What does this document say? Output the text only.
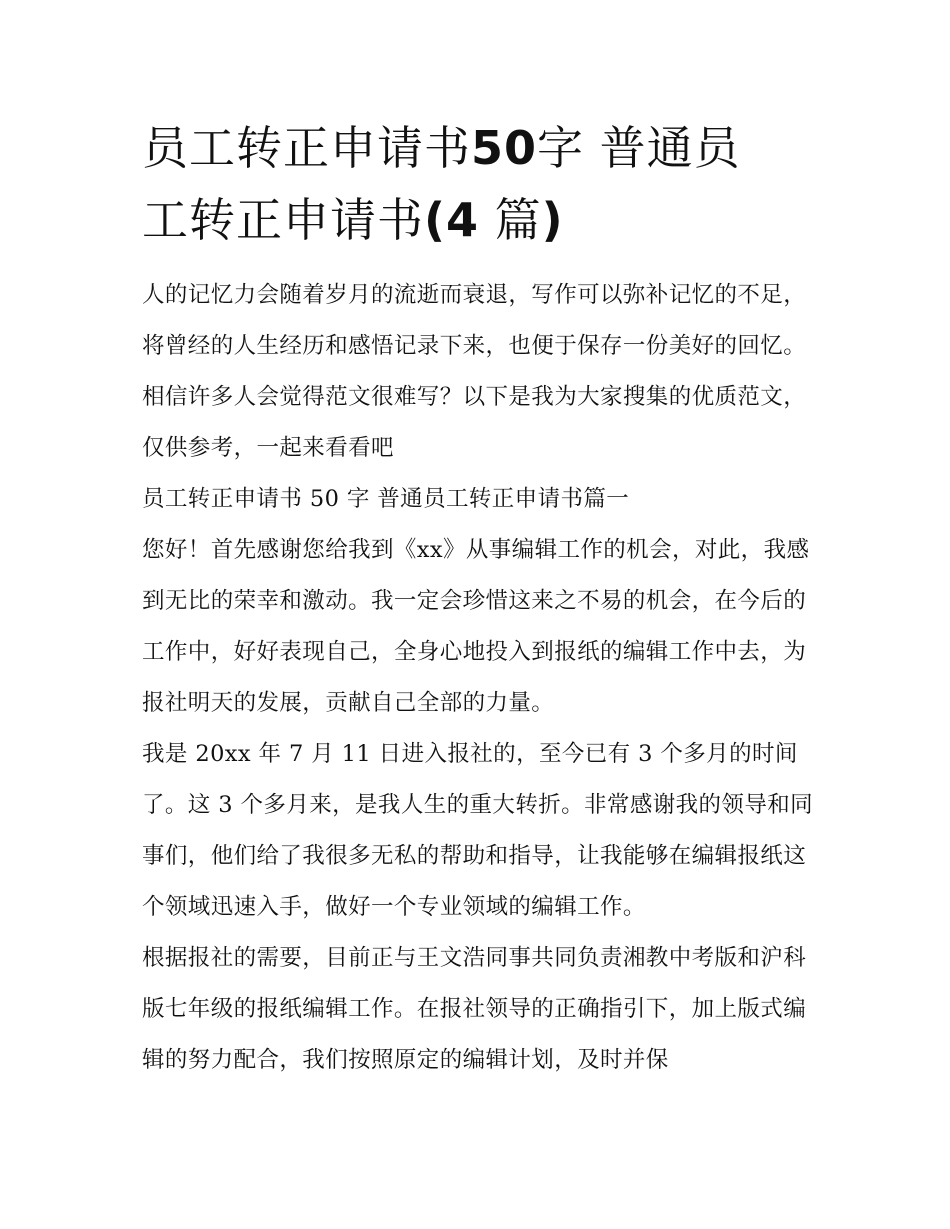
员工转正申请书50字 普通员
工转正申请书(4 篇)

人的记忆力会随着岁月的流逝而衰退，写作可以弥补记忆的不足，将曾经的人生经历和感悟记录下来，也便于保存一份美好的回忆。相信许多人会觉得范文很难写？以下是我为大家搜集的优质范文，仅供参考，一起来看看吧

员工转正申请书 50 字 普通员工转正申请书篇一

您好！首先感谢您给我到《xx》从事编辑工作的机会，对此，我感到无比的荣幸和激动。我一定会珍惜这来之不易的机会，在今后的工作中，好好表现自己，全身心地投入到报纸的编辑工作中去，为报社明天的发展，贡献自己全部的力量。

我是 20xx 年 7 月 11 日进入报社的，至今已有 3 个多月的时间了。这 3 个多月来，是我人生的重大转折。非常感谢我的领导和同事们，他们给了我很多无私的帮助和指导，让我能够在编辑报纸这个领域迅速入手，做好一个专业领域的编辑工作。

根据报社的需要，目前正与王文浩同事共同负责湘教中考版和沪科版七年级的报纸编辑工作。在报社领导的正确指引下，加上版式编辑的努力配合，我们按照原定的编辑计划，及时并保
